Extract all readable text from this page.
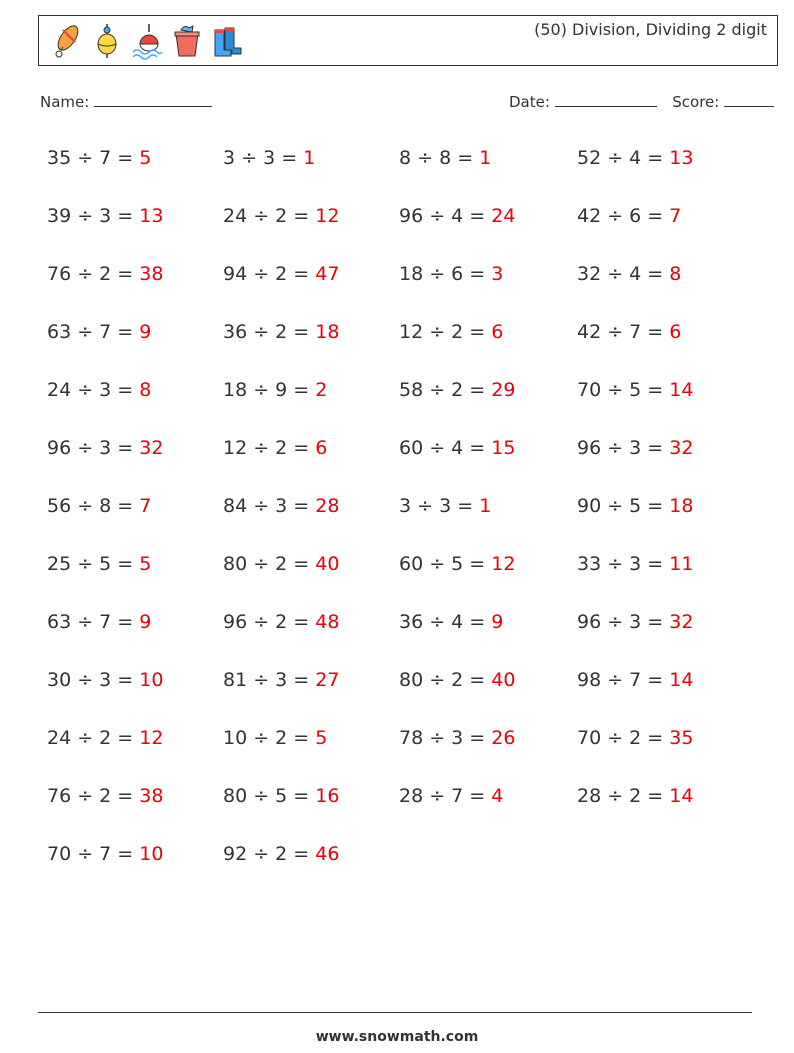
(50) Division, Dividing 2 digit
Name:	Date:	Score:
35 ÷ 7 = 5	3 ÷ 3 = 1	8 ÷ 8 = 1	52 ÷ 4 = 13
39 ÷ 3 = 13	24 ÷ 2 = 12	96 ÷ 4 = 24	42 ÷ 6 = 7
76 ÷ 2 = 38	94 ÷ 2 = 47	18 ÷ 6 = 3	32 ÷ 4 = 8
63 ÷ 7 = 9	36 ÷ 2 = 18	12 ÷ 2 = 6	42 ÷ 7 = 6
24 ÷ 3 = 8	18 ÷ 9 = 2	58 ÷ 2 = 29	70 ÷ 5 = 14
96 ÷ 3 = 32	12 ÷ 2 = 6	60 ÷ 4 = 15	96 ÷ 3 = 32
56 ÷ 8 = 7	84 ÷ 3 = 28	3 ÷ 3 = 1	90 ÷ 5 = 18
25 ÷ 5 = 5	80 ÷ 2 = 40	60 ÷ 5 = 12	33 ÷ 3 = 11
63 ÷ 7 = 9	96 ÷ 2 = 48	36 ÷ 4 = 9	96 ÷ 3 = 32
30 ÷ 3 = 10	81 ÷ 3 = 27	80 ÷ 2 = 40	98 ÷ 7 = 14
24 ÷ 2 = 12	10 ÷ 2 = 5	78 ÷ 3 = 26	70 ÷ 2 = 35
76 ÷ 2 = 38	80 ÷ 5 = 16	28 ÷ 7 = 4	28 ÷ 2 = 14
70 ÷ 7 = 10	92 ÷ 2 = 46
www.snowmath.com
